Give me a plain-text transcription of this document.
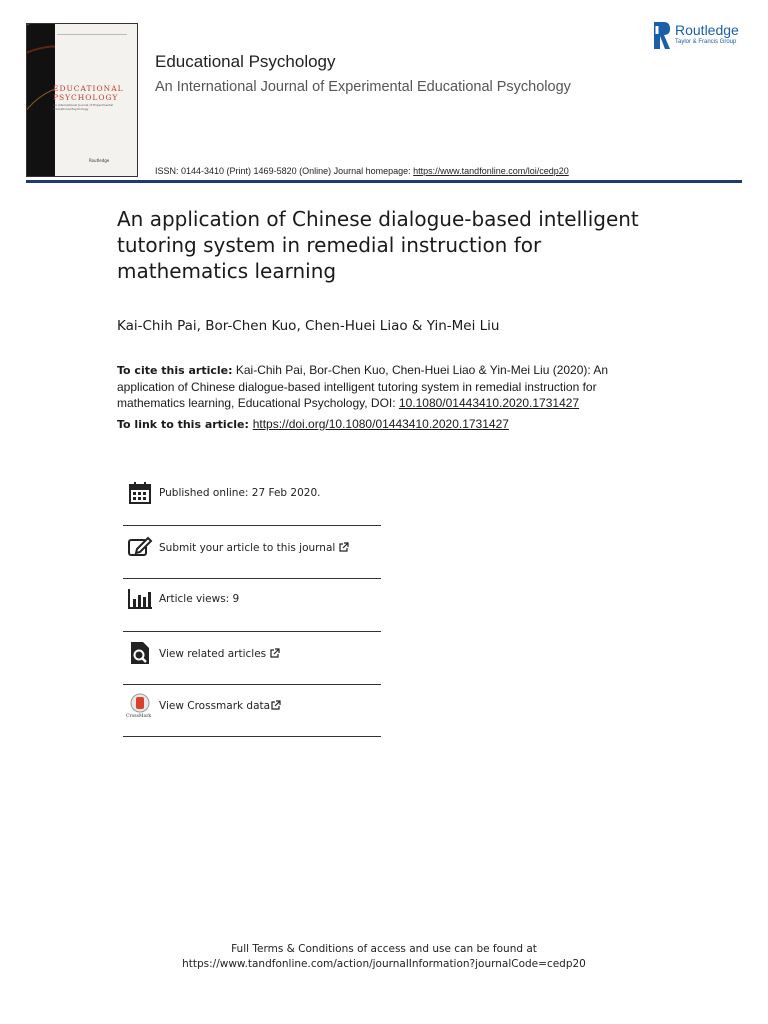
EDUCATIONAL
PSYCHOLOGY
An International Journal of Experimental Educational Psychology
Routledge
Educational Psychology
An International Journal of Experimental Educational Psychology
ISSN: 0144-3410 (Print) 1469-5820 (Online) Journal homepage: https://www.tandfonline.com/loi/cedp20
Routledge
Taylor & Francis Group
An application of Chinese dialogue-based intelligent tutoring system in remedial instruction for mathematics learning
Kai-Chih Pai, Bor-Chen Kuo, Chen-Huei Liao & Yin-Mei Liu
To cite this article: Kai-Chih Pai, Bor-Chen Kuo, Chen-Huei Liao & Yin-Mei Liu (2020): An application of Chinese dialogue-based intelligent tutoring system in remedial instruction for mathematics learning, Educational Psychology, DOI: 10.1080/01443410.2020.1731427
To link to this article: https://doi.org/10.1080/01443410.2020.1731427
Published online: 27 Feb 2020.
Submit your article to this journal
Article views: 9
View related articles
CrossMark
View Crossmark data
Full Terms & Conditions of access and use can be found at
https://www.tandfonline.com/action/journalInformation?journalCode=cedp20
